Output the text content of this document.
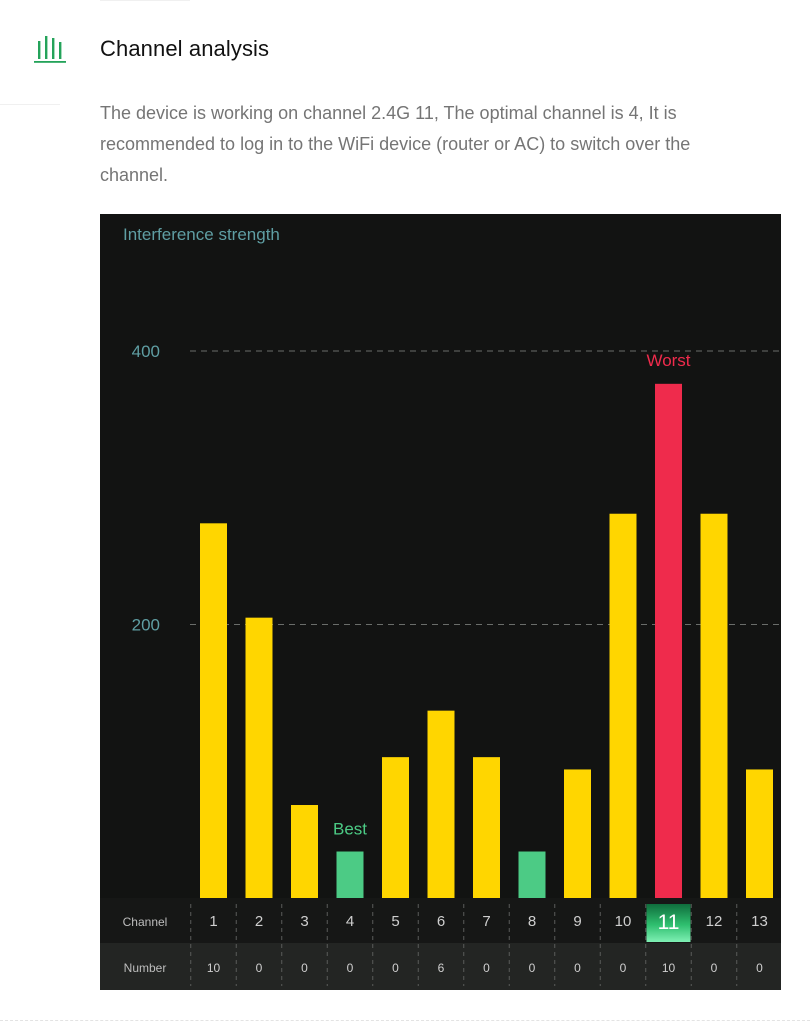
Channel analysis
The device is working on channel 2.4G 11, The optimal channel is 4, It is recommended to log in to the WiFi device (router or AC) to switch over the channel.
Interference strength
200
400
Best
Worst
Channel
Number
1
10
2
0
3
0
4
0
5
0
6
6
7
0
8
0
9
0
10
0
11
10
12
0
13
0
